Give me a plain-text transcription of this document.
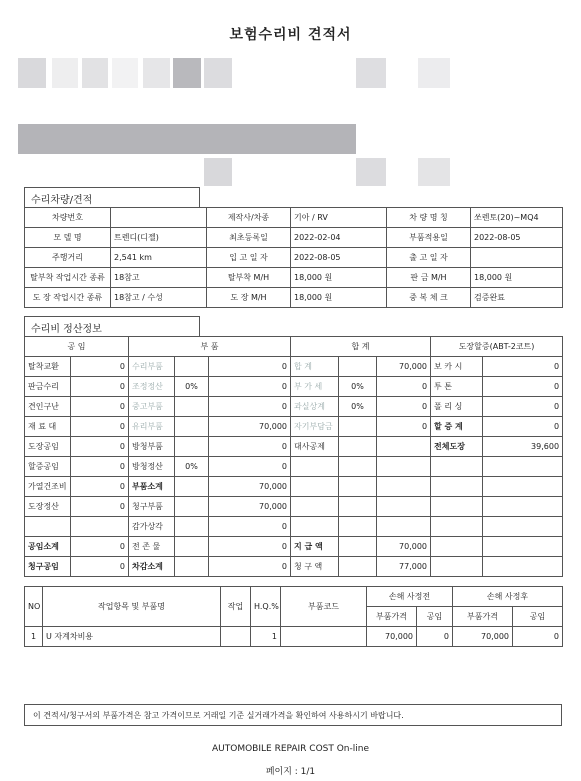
보험수리비 견적서
수리차량/견적
차량번호		제작사/차종	기아 / RV	차 량 명 칭	쏘렌토(20)~MQ4
모 델 명	트렌디(디젤)	최초등록일	2022-02-04	부품적용일	2022-08-05
주행거리	2,541 km	입 고 일 자	2022-08-05	출 고 일 자	
탈부착 작업시간 종류	18참고	탈부착 M/H	18,000 원	판 금 M/H	18,000 원
도 장 작업시간 종류	18참고 / 수성	도 장 M/H	18,000 원	중 복 체 크	검증완료
수리비 정산정보
공 임		부 품			합 계			도장할증(ABT-2코트)	
탈착교환	0	수리부품		0	합 계		70,000	보 카 시	0
판금수리	0	조정정산	0%	0	부 가 세	0%	0	투 톤	0
견인구난	0	중고부품		0	과실상계	0%	0	폴 리 싱	0
재 료 대	0	유리부품		70,000	자기부담금		0	할 증 계	0
도장공임	0	방청부품		0	대사공제			전체도장	39,600
할증공임	0	방청정산	0%	0					
가열건조비	0	부품소계		70,000					
도장정산	0	청구부품		70,000					
		감가상각		0					
공임소계	0	전 존 물		0	지 급 액		70,000		
청구공임	0	차감소계		0	청 구 액		77,000		
NO	작업항목 및 부품명	작업	H.Q.%	부품코드	손해 사정전		손해 사정후	
					부품가격	공임	부품가격	공임
1	U 자계차비용		1		70,000	0	70,000	0

이 견적서/청구서의 부품가격은 참고 가격이므로 거래일 기준 실거래가격을 확인하여 사용하시기 바랍니다.
AUTOMOBILE REPAIR COST On-line
페이지 : 1/1
